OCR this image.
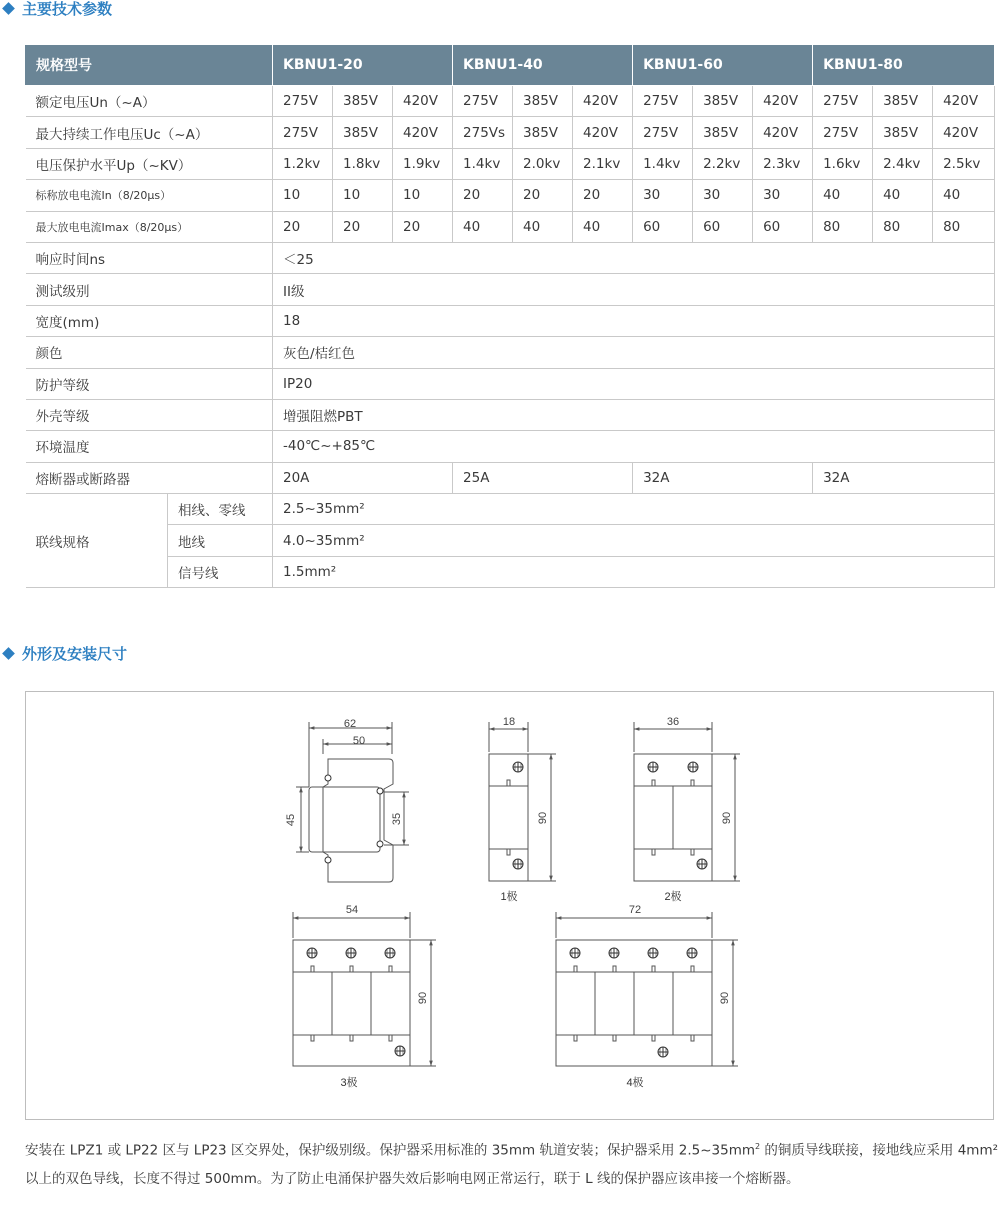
主要技术参数
规格型号		KBNU1-20			KBNU1-40			KBNU1-60			KBNU1-80		
额定电压Un（~A）		275V	385V	420V	275V	385V	420V	275V	385V	420V	275V	385V	420V
最大持续工作电压Uc（~A）		275V	385V	420V	275Vs	385V	420V	275V	385V	420V	275V	385V	420V
电压保护水平Up（~KV）		1.2kv	1.8kv	1.9kv	1.4kv	2.0kv	2.1kv	1.4kv	2.2kv	2.3kv	1.6kv	2.4kv	2.5kv
标称放电电流In（8/20μs）		10	10	10	20	20	20	30	30	30	40	40	40
最大放电电流Imax（8/20μs）		20	20	20	40	40	40	60	60	60	80	80	80
响应时间ns		＜25											
测试级别		II级											
宽度(mm)		18											
颜色		灰色/桔红色											
防护等级		IP20											
外壳等级		增强阻燃PBT											
环境温度		-40℃~+85℃											
熔断器或断路器		20A			25A			32A			32A		
联线规格	相线、零线	2.5~35mm²											
	地线	4.0~35mm²											
	信号线	1.5mm²											
外形及安装尺寸
62
50
45	35
18
90
1极
36
90
2极
54
90
3极
72
90
4极
安装在 LPZ1 或 LP22 区与 LP23 区交界处，保护级别级。保护器采用标准的 35mm 轨道安装；保护器采用 $2.5\sim 35mm^2$ 的铜质导线联接，接地线应采用 4mm² 以上的双色导线，长度不得过 500mm。为了防止电涌保护器失效后影响电网正常运行，联于 L 线的保护器应该串接一个熔断器。
